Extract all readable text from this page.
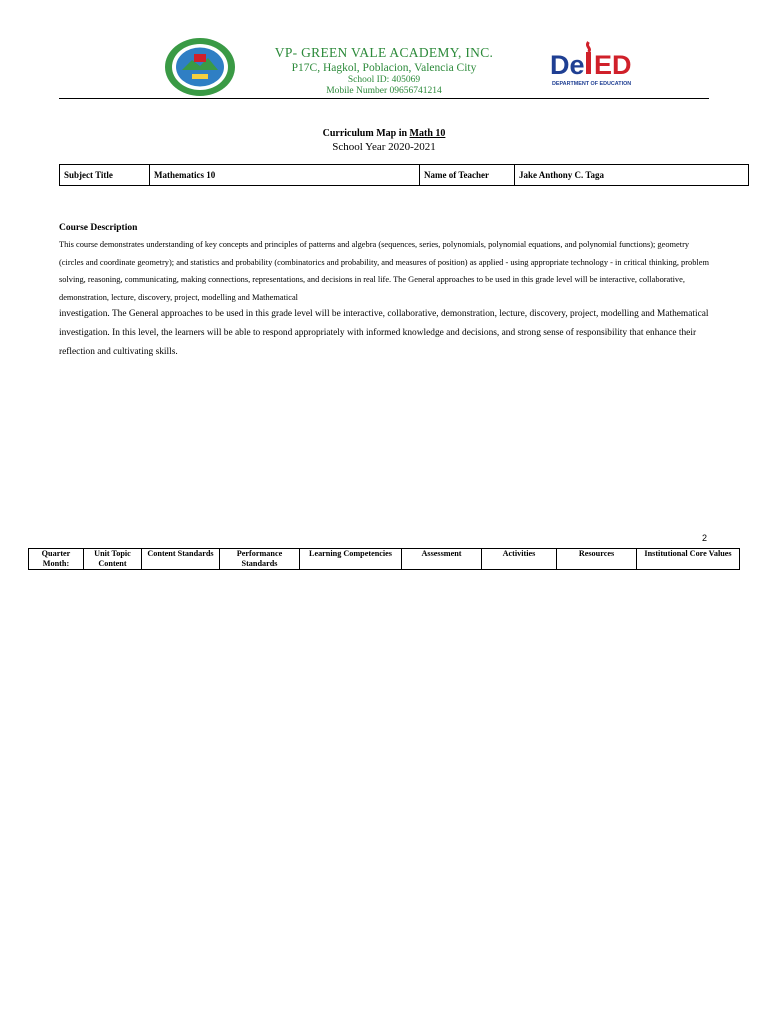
VP- GREEN VALE ACADEMY, INC.
P17C, Hagkol, Poblacion, Valencia City
School ID: 405069
Mobile Number 09656741214
De ED
DEPARTMENT OF EDUCATION
Curriculum Map in Math 10
School Year 2020-2021
Subject Title	Mathematics 10	Name of Teacher	Jake Anthony C. Taga
Course Description
This course demonstrates understanding of key concepts and principles of patterns and algebra (sequences, series, polynomials, polynomial equations, and polynomial functions); geometry (circles and coordinate geometry); and statistics and probability (combinatorics and probability, and measures of position) as applied - using appropriate technology - in critical thinking, problem solving, reasoning, communicating, making connections, representations, and decisions in real life. The General approaches to be used in this grade level will be interactive, collaborative, demonstration, lecture, discovery, project, modelling and Mathematical
investigation. The General approaches to be used in this grade level will be interactive, collaborative, demonstration, lecture, discovery, project, modelling and Mathematical investigation. In this level, the learners will be able to respond appropriately with informed knowledge and decisions, and strong sense of responsibility that enhance their reflection and cultivating skills.
2
Quarter Month:	Unit Topic Content	Content Standards	Performance Standards	Learning Competencies	Assessment	Activities	Resources	Institutional Core Values
